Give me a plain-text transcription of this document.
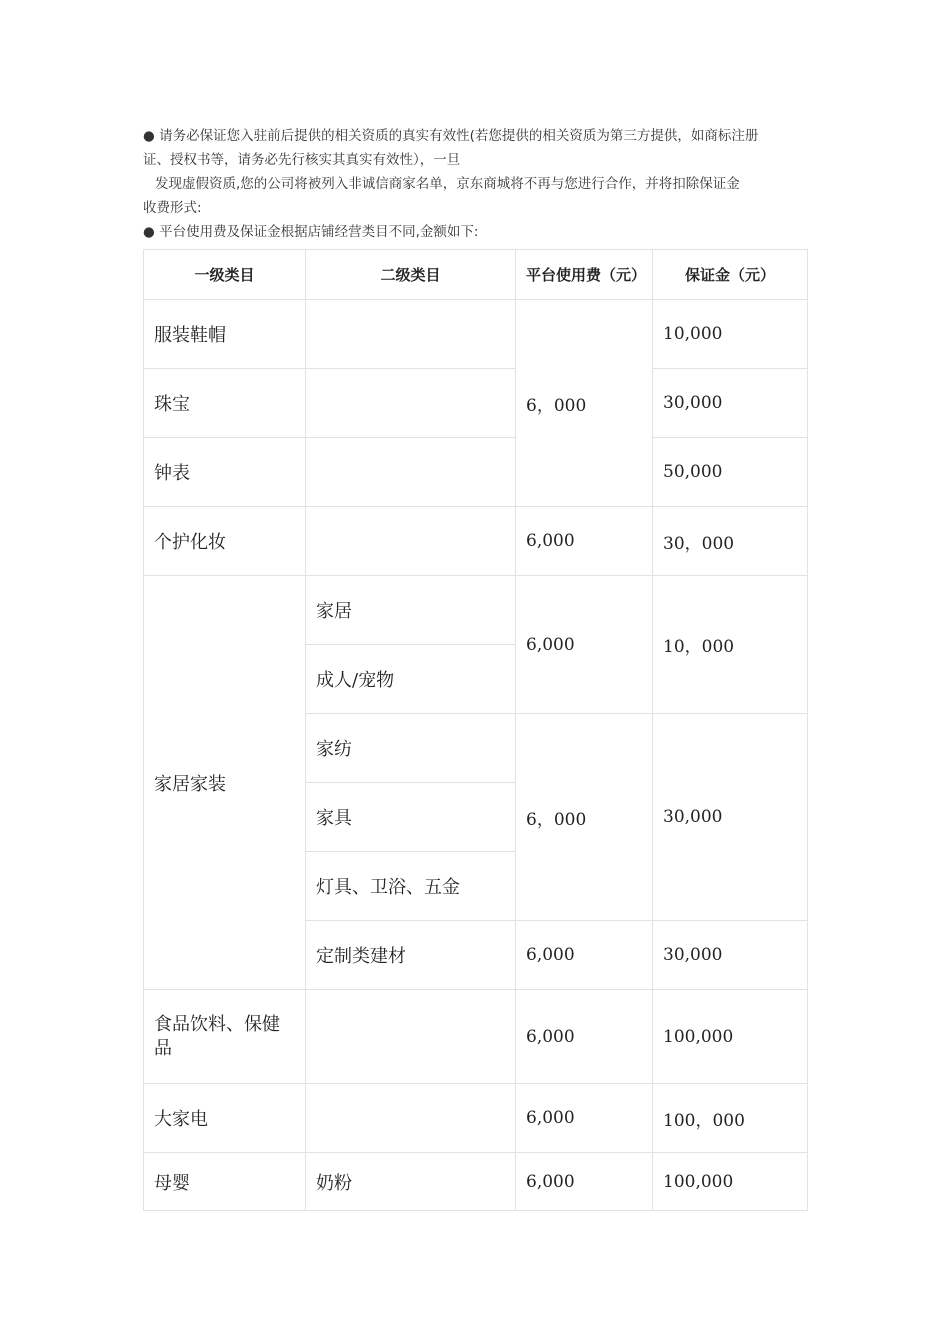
● 请务必保证您入驻前后提供的相关资质的真实有效性(若您提供的相关资质为第三方提供，如商标注册

证、授权书等，请务必先行核实其真实有效性），一旦

发现虚假资质,您的公司将被列入非诚信商家名单，京东商城将不再与您进行合作，并将扣除保证金

收费形式:

● 平台使用费及保证金根据店铺经营类目不同,金额如下:

一级类目	二级类目	平台使用费（元）	保证金（元）
服装鞋帽		6，000	10,000
珠宝			30,000
钟表			50,000
个护化妆		6,000	30，000
家居家装	家居	6,000	10，000
	成人/宠物		
	家纺	6，000	30,000
	家具		
	灯具、卫浴、五金		
	定制类建材	6,000	30,000
食品饮料、保健品		6,000	100,000
大家电		6,000	100，000
母婴	奶粉	6,000	100,000
